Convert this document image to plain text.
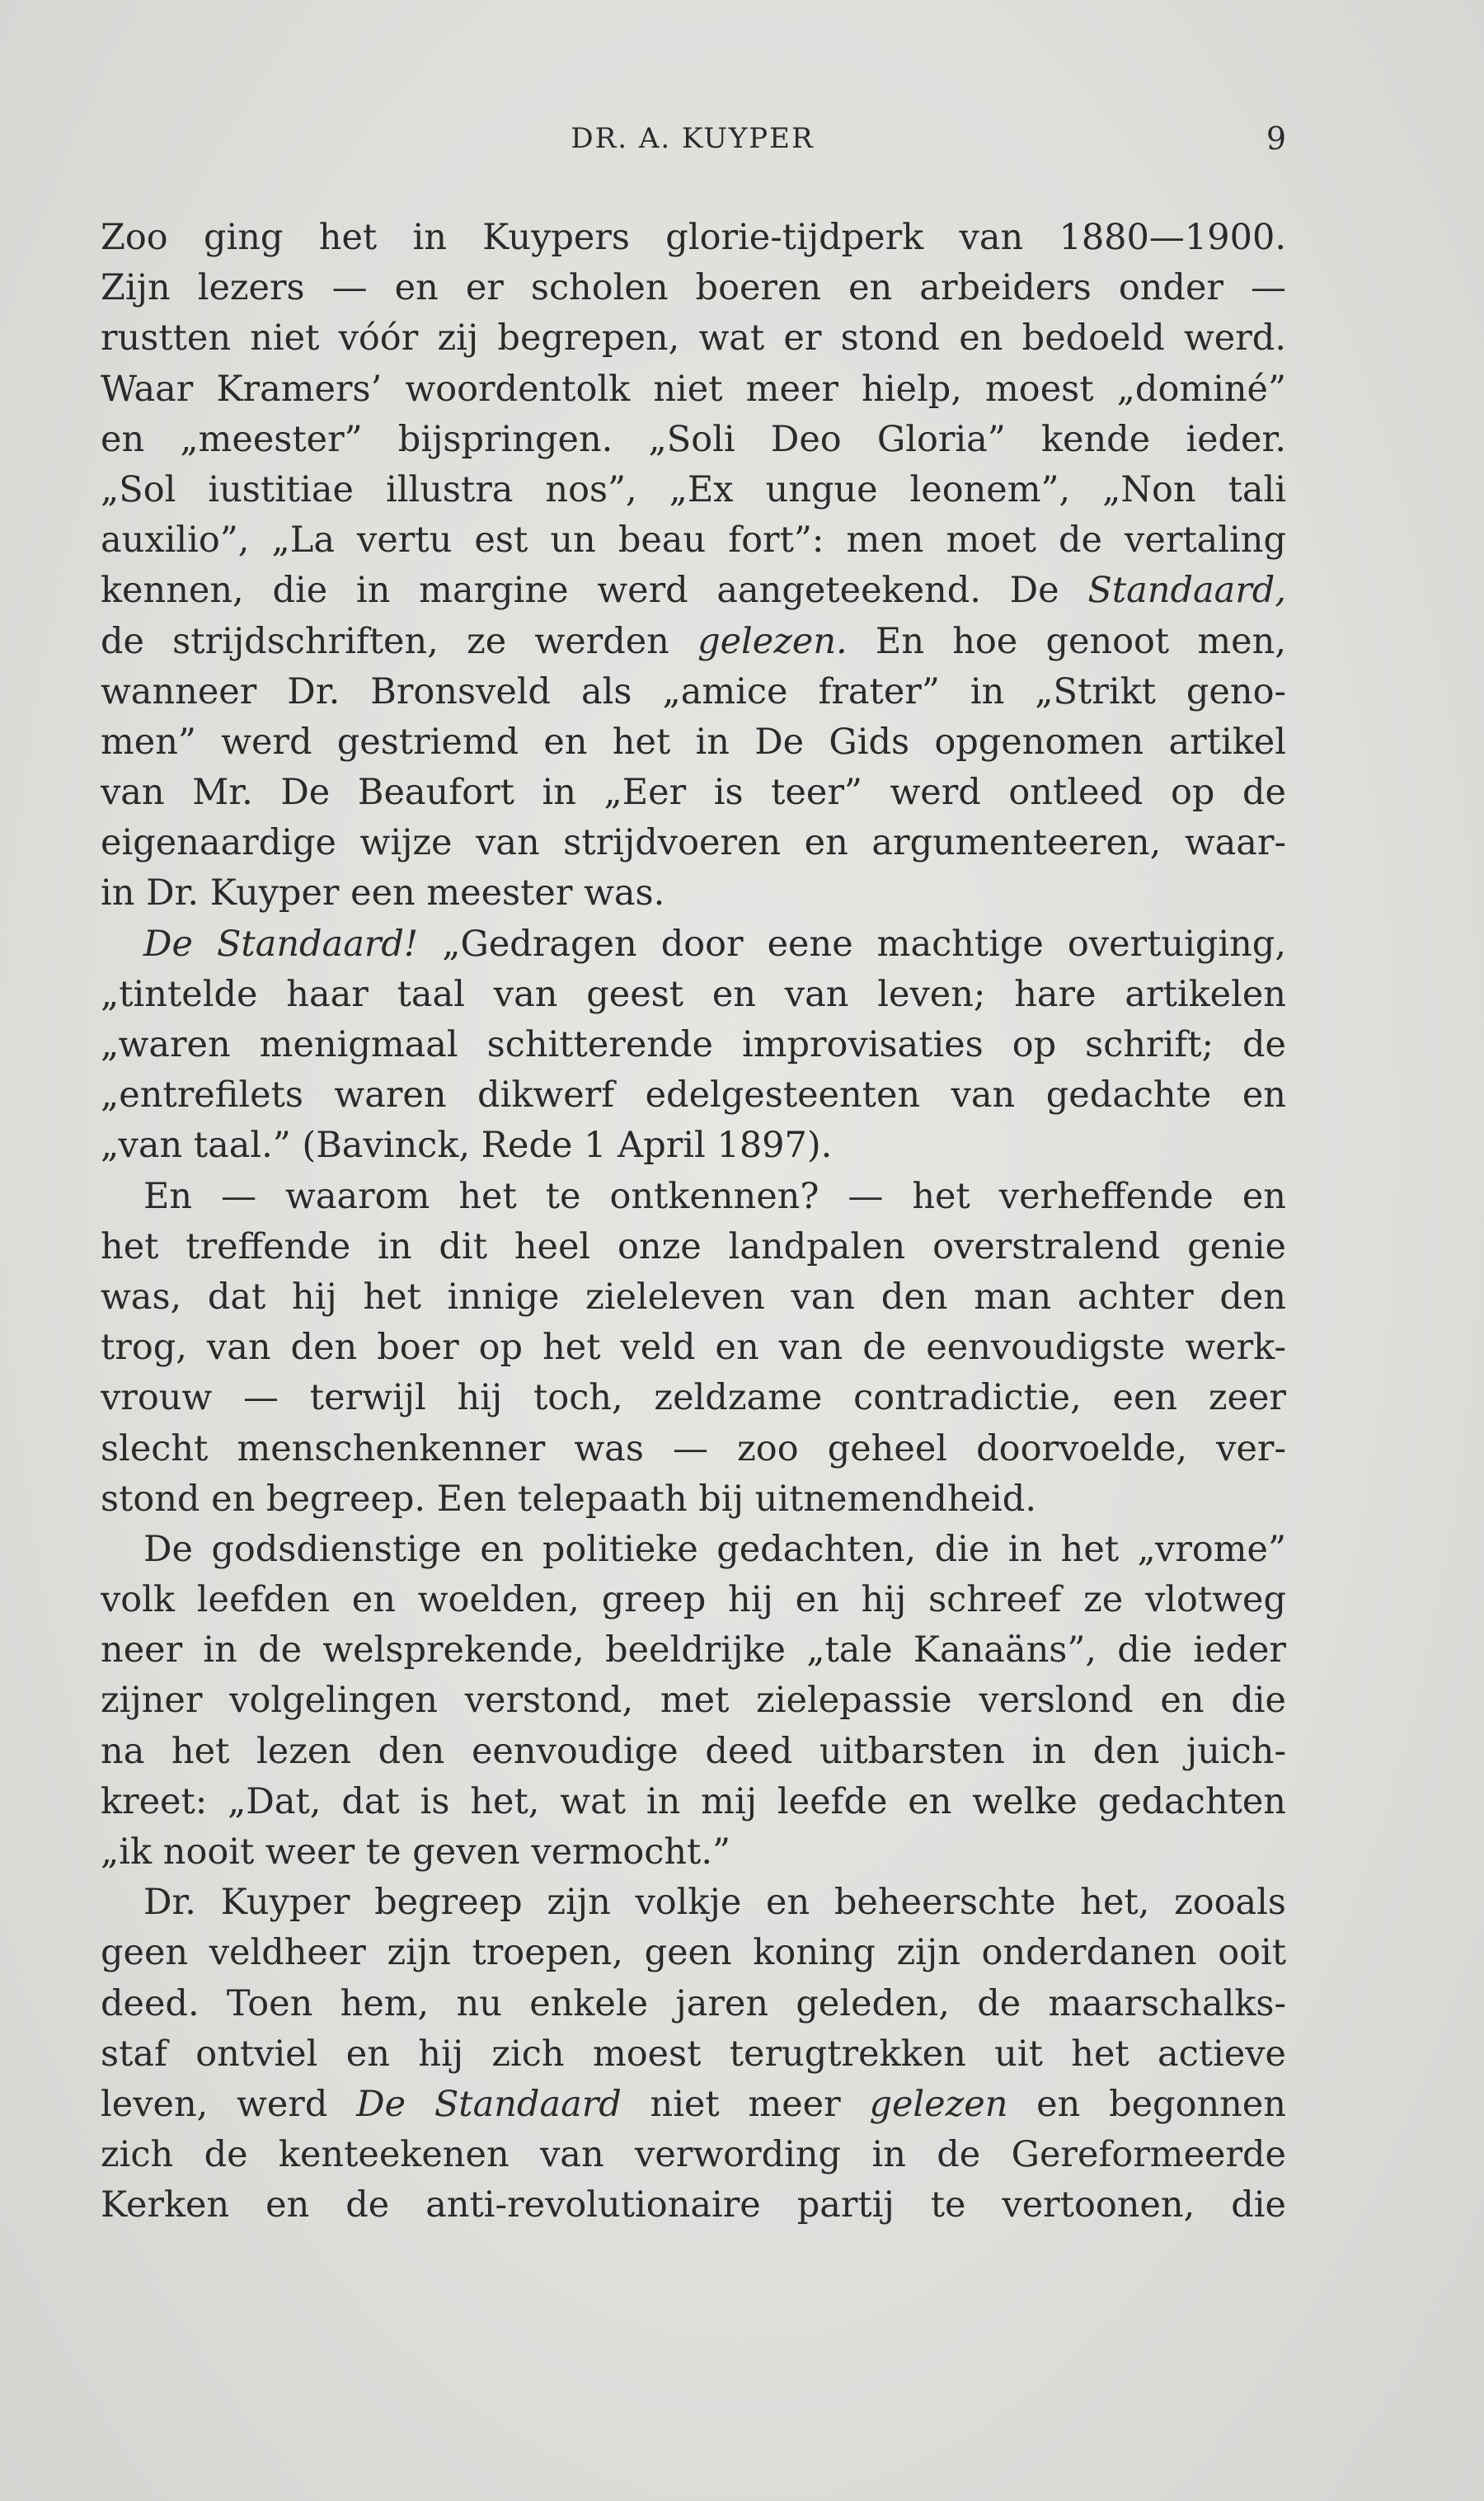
DR. A. KUYPER	9
Zoo ging het in Kuypers glorie-tijdperk van 1880—1900.
Zijn lezers — en er scholen boeren en arbeiders onder —
rustten niet vóór zij begrepen, wat er stond en bedoeld werd.
Waar Kramers’ woordentolk niet meer hielp, moest „dominé”
en „meester” bijspringen. „Soli Deo Gloria” kende ieder.
„Sol iustitiae illustra nos”, „Ex ungue leonem”, „Non tali
auxilio”, „La vertu est un beau fort”: men moet de vertaling
kennen, die in margine werd aangeteekend. De Standaard,
de strijdschriften, ze werden gelezen. En hoe genoot men,
wanneer Dr. Bronsveld als „amice frater” in „Strikt geno-
men” werd gestriemd en het in De Gids opgenomen artikel
van Mr. De Beaufort in „Eer is teer” werd ontleed op de
eigenaardige wijze van strijdvoeren en argumenteeren, waar-
in Dr. Kuyper een meester was.
De Standaard! „Gedragen door eene machtige overtuiging,
„tintelde haar taal van geest en van leven; hare artikelen
„waren menigmaal schitterende improvisaties op schrift; de
„entrefilets waren dikwerf edelgesteenten van gedachte en
„van taal.” (Bavinck, Rede 1 April 1897).
En — waarom het te ontkennen? — het verheffende en
het treffende in dit heel onze landpalen overstralend genie
was, dat hij het innige zieleleven van den man achter den
trog, van den boer op het veld en van de eenvoudigste werk-
vrouw — terwijl hij toch, zeldzame contradictie, een zeer
slecht menschenkenner was — zoo geheel doorvoelde, ver-
stond en begreep. Een telepaath bij uitnemendheid.
De godsdienstige en politieke gedachten, die in het „vrome”
volk leefden en woelden, greep hij en hij schreef ze vlotweg
neer in de welsprekende, beeldrijke „tale Kanaäns”, die ieder
zijner volgelingen verstond, met zielepassie verslond en die
na het lezen den eenvoudige deed uitbarsten in den juich-
kreet: „Dat, dat is het, wat in mij leefde en welke gedachten
„ik nooit weer te geven vermocht.”
Dr. Kuyper begreep zijn volkje en beheerschte het, zooals
geen veldheer zijn troepen, geen koning zijn onderdanen ooit
deed. Toen hem, nu enkele jaren geleden, de maarschalks-
staf ontviel en hij zich moest terugtrekken uit het actieve
leven, werd De Standaard niet meer gelezen en begonnen
zich de kenteekenen van verwording in de Gereformeerde
Kerken en de anti-revolutionaire partij te vertoonen, die
